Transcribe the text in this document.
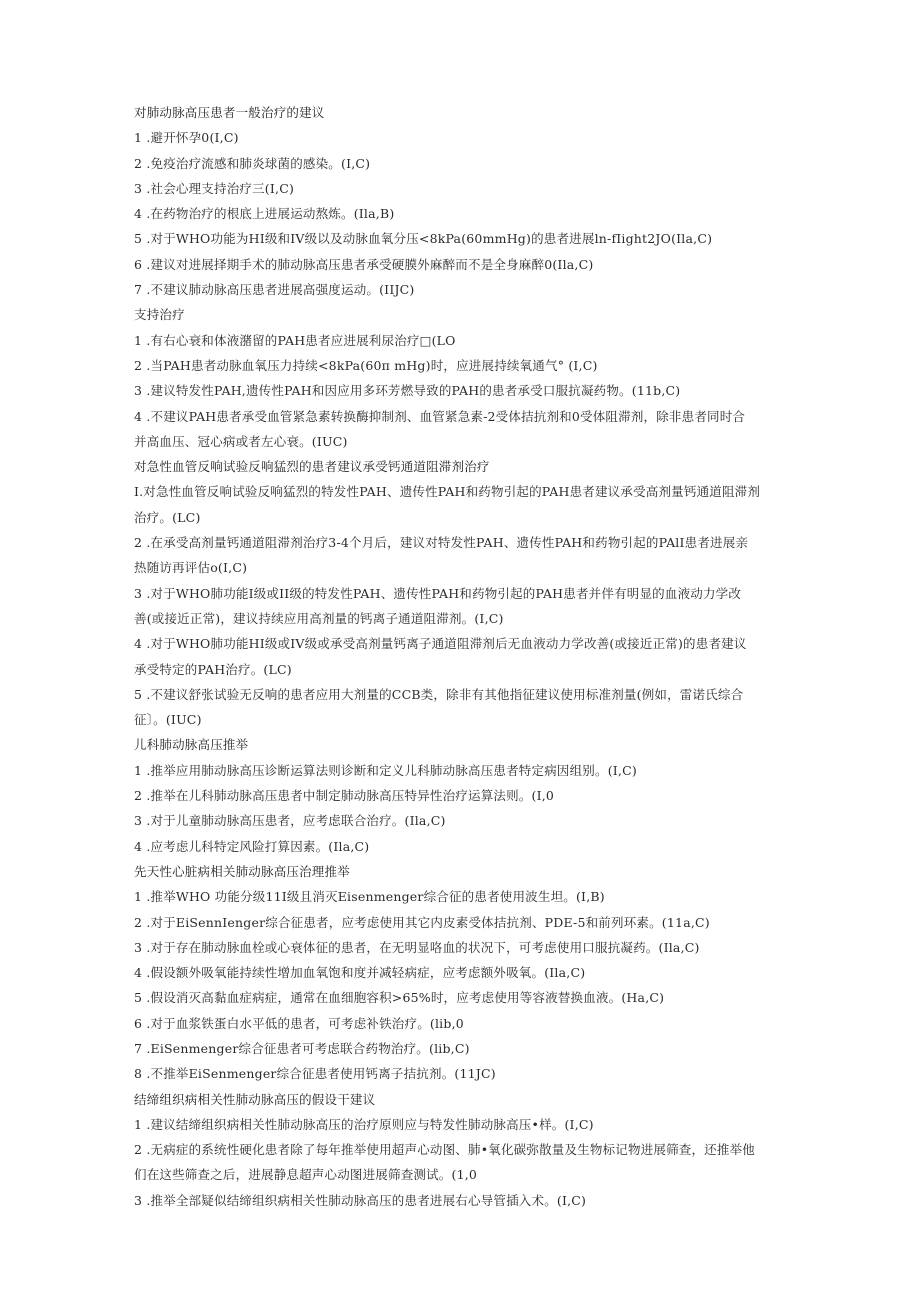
对肺动脉高压患者一般治疗的建议
1 .避开怀孕0(I,C)
2 .免疫治疗流感和肺炎球菌的感染。(I,C)
3 .社会心理支持治疗三(I,C)
4 .在药物治疗的根底上进展运动熬炼。(Ila,B)
5 .对于WHO功能为HI级和IV级以及动脉血氧分压<8kPa(60mmHg)的患者进展ln-fIight2JO(Ila,C)
6 .建议对进展择期手术的肺动脉高压患者承受硬膜外麻醉而不是全身麻醉0(Ila,C)
7 .不建议肺动脉高压患者进展高强度运动。(IIJC)
支持治疗
1 .有右心衰和体液潴留的PAH患者应进展利尿治疗□(LO
2 .当PAH患者动脉血氧压力持续<8kPa(60π mHg)时，应进展持续氧通气° (I,C)
3 .建议特发性PAH,遗传性PAH和因应用多环芳燃导致的PAH的患者承受口服抗凝药物。(11b,C)
4 .不建议PAH患者承受血管紧急素转换酶抑制剂、血管紧急素-2受体拮抗剂和0受体阻滞剂，除非患者同时合
并高血压、冠心病或者左心衰。(IUC)
对急性血管反响试验反响猛烈的患者建议承受钙通道阻滞剂治疗
I.对急性血管反响试验反响猛烈的特发性PAH、遗传性PAH和药物引起的PAH患者建议承受高剂量钙通道阻滞剂
治疗。(LC)
2 .在承受高剂量钙通道阻滞剂治疗3-4个月后，建议对特发性PAH、遗传性PAH和药物引起的PAlI患者进展亲
热随访再评估o(I,C)
3 .对于WHO肺功能I级或II级的特发性PAH、遗传性PAH和药物引起的PAH患者并伴有明显的血液动力学改
善(或接近正常)，建议持续应用高剂量的钙离子通道阻滞剂。(I,C)
4 .对于WHO肺功能HI级或IV级或承受高剂量钙离子通道阻滞剂后无血液动力学改善(或接近正常)的患者建议
承受特定的PAH治疗。(LC)
5 .不建议舒张试验无反响的患者应用大剂量的CCB类，除非有其他指征建议使用标准剂量(例如，雷诺氏综合
征〕。(IUC)
儿科肺动脉高压推举
1 .推举应用肺动脉高压诊断运算法则诊断和定义儿科肺动脉高压患者特定病因组别。(I,C)
2 .推举在儿科肺动脉高压患者中制定肺动脉高压特异性治疗运算法则。(I,0
3 .对于儿童肺动脉高压患者，应考虑联合治疗。(Ila,C)
4 .应考虑儿科特定风险打算因素。(Ila,C)
先天性心脏病相关肺动脉高压治理推举
1 .推举WHO 功能分级11I级且消灭Eisenmenger综合征的患者使用波生坦。(I,B)
2 .对于EiSennIenger综合征患者，应考虑使用其它内皮素受体拮抗剂、PDE-5和前列环素。(11a,C)
3 .对于存在肺动脉血栓或心衰体征的患者，在无明显咯血的状况下，可考虑使用口服抗凝药。(Ila,C)
4 .假设额外吸氧能持续性增加血氧饱和度并减轻病症，应考虑额外吸氧。(Ila,C)
5 .假设消灭高黏血症病症，通常在血细胞容积>65%时，应考虑使用等容液替换血液。(Ha,C)
6 .对于血浆铁蛋白水平低的患者，可考虑补铁治疗。(lib,0
7 .EiSenmenger综合征患者可考虑联合药物治疗。(lib,C)
8 .不推举EiSenmenger综合征患者使用钙离子拮抗剂。(11JC)
结缔组织病相关性肺动脉高压的假设干建议
1 .建议结缔组织病相关性肺动脉高压的治疗原则应与特发性肺动脉高压•样。(I,C)
2 .无病症的系统性硬化患者除了每年推举使用超声心动图、肺•氧化碳弥散量及生物标记物进展筛查，还推举他
们在这些筛查之后，进展静息超声心动图进展筛查测试。(1,0
3 .推举全部疑似结缔组织病相关性肺动脉高压的患者进展右心导管插入术。(I,C)
